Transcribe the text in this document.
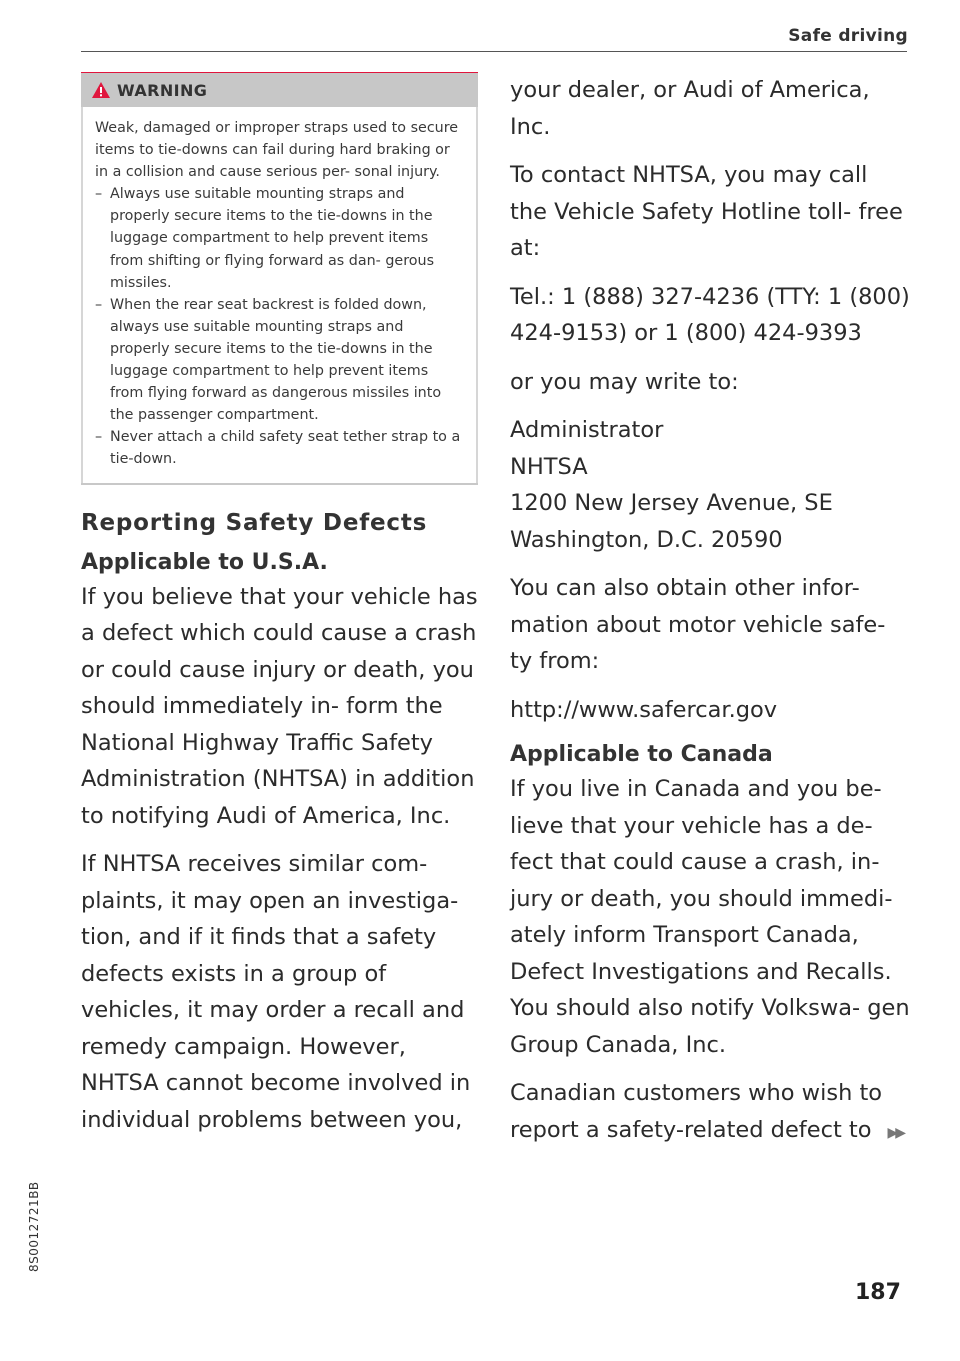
Safe driving
8S0012721BB
WARNING

Weak, damaged or improper straps used to secure items to tie-downs can fail during hard braking or in a collision and cause serious per- sonal injury.

– Always use suitable mounting straps and properly secure items to the tie-downs in the luggage compartment to help prevent items from shifting or flying forward as dan- gerous missiles.
– When the rear seat backrest is folded down, always use suitable mounting straps and properly secure items to the tie-downs in the luggage compartment to help prevent items from flying forward as dangerous missiles into the passenger compartment.
– Never attach a child safety seat tether strap to a tie-down.
Reporting Safety Defects
Applicable to U.S.A.

If you believe that your vehicle has a defect which could cause a crash or could cause injury or death, you should immediately in- form the National Highway Traffic Safety Administration (NHTSA) in addition to notifying Audi of America, Inc.

If NHTSA receives similar com- plaints, it may open an investiga- tion, and if it finds that a safety defects exists in a group of vehicles, it may order a recall and remedy campaign. However, NHTSA cannot become involved in individual problems between you,

your dealer, or Audi of America, Inc.

To contact NHTSA, you may call the Vehicle Safety Hotline toll- free at:

Tel.: 1 (888) 327-4236 (TTY: 1 (800) 424-9153) or 1 (800) 424-9393

or you may write to:

Administrator

NHTSA

1200 New Jersey Avenue, SE

Washington, D.C. 20590

You can also obtain other infor- mation about motor vehicle safe- ty from:

http://www.safercar.gov

Applicable to Canada

If you live in Canada and you be- lieve that your vehicle has a de- fect that could cause a crash, in- jury or death, you should immedi- ately inform Transport Canada, Defect Investigations and Recalls. You should also notify Volkswa- gen Group Canada, Inc.

Canadian customers who wish to report a safety-related defect to ▶▶

187
